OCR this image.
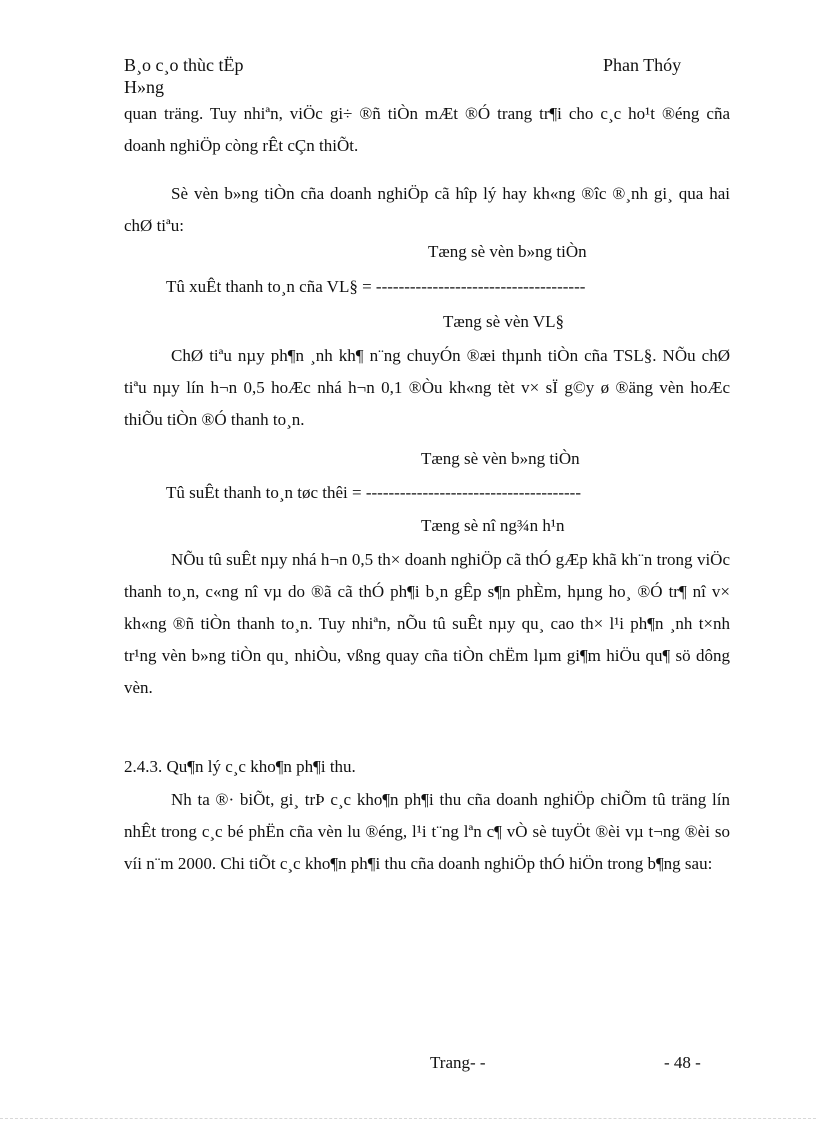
B¸o c¸o thùc tËp
H»ng
Phan Thóy

quan träng. Tuy nhiªn, viÖc gi÷ ®ñ tiÒn mÆt ®Ó trang tr¶i cho c¸c ho¹t ®éng cña doanh nghiÖp còng rÊt cÇn thiÕt.

Sè vèn b»ng tiÒn cña doanh nghiÖp cã hîp lý hay kh«ng ®îc ®¸nh gi¸ qua hai chØ tiªu:

Tæng sè vèn b»ng tiÒn
Tû xuÊt thanh to¸n cña VL§ = -------------------------------------
Tæng sè vèn VL§

ChØ tiªu nµy ph¶n ¸nh kh¶ n¨ng chuyÓn ®æi thµnh tiÒn cña TSL§. NÕu chØ tiªu nµy lín h¬n 0,5 hoÆc nhá h¬n 0,1 ®Òu kh«ng tèt v× sÏ g©y ø ®äng vèn hoÆc thiÕu tiÒn ®Ó thanh to¸n.

Tæng sè vèn b»ng tiÒn
Tû suÊt thanh to¸n tøc thêi = --------------------------------------
Tæng sè nî ng¾n h¹n

NÕu tû suÊt nµy nhá h¬n 0,5 th× doanh nghiÖp cã thÓ gÆp khã kh¨n trong viÖc thanh to¸n, c«ng nî vµ do ®ã cã thÓ ph¶i b¸n gÊp s¶n phÈm, hµng ho¸ ®Ó tr¶ nî v× kh«ng ®ñ tiÒn thanh to¸n. Tuy nhiªn, nÕu tû suÊt nµy qu¸ cao th× l¹i ph¶n ¸nh t×nh tr¹ng vèn b»ng tiÒn qu¸ nhiÒu, vßng quay cña tiÒn chËm lµm gi¶m hiÖu qu¶ sö dông vèn.

2.4.3. Qu¶n lý c¸c kho¶n ph¶i thu.

Nh ta ®· biÕt, gi¸ trÞ c¸c kho¶n ph¶i thu cña doanh nghiÖp chiÕm tû träng lín nhÊt trong c¸c bé phËn cña vèn lu ®éng, l¹i t¨ng lªn c¶ vÒ sè tuyÖt ®èi vµ t¬ng ®èi so víi n¨m 2000. Chi tiÕt c¸c kho¶n ph¶i thu cña doanh nghiÖp thÓ hiÖn trong b¶ng sau:

Trang- -	- 48 -
